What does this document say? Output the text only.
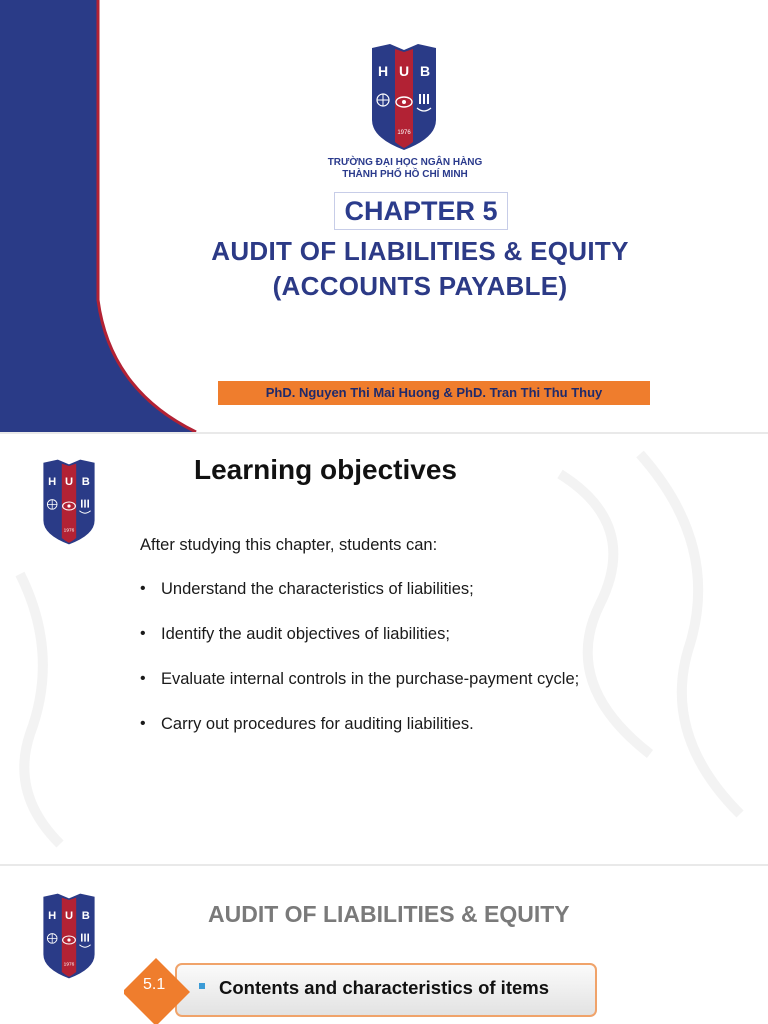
TRƯỜNG ĐẠI HỌC NGÂN HÀNG
THÀNH PHỐ HỒ CHÍ MINH
CHAPTER 5
AUDIT OF LIABILITIES & EQUITY
(ACCOUNTS PAYABLE)
PhD. Nguyen Thi Mai Huong & PhD. Tran Thi Thu Thuy
Learning objectives
After studying this chapter, students can:
• Understand the characteristics of liabilities;
• Identify the audit objectives of liabilities;
• Evaluate internal controls in the purchase-payment cycle;
• Carry out procedures for auditing liabilities.
AUDIT OF LIABILITIES & EQUITY
5.1	Contents and characteristics of items
